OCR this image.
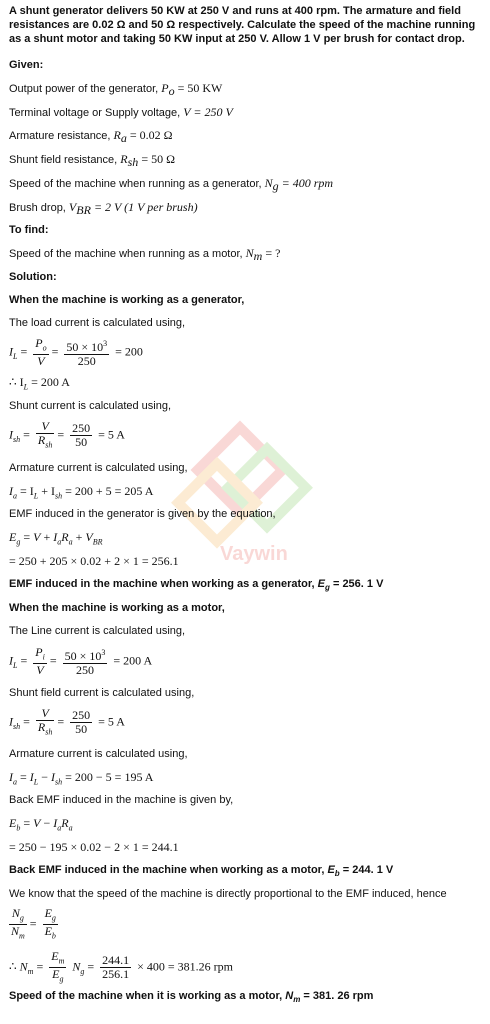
Vaywin
A shunt generator delivers 50 KW at 250 V and runs at 400 rpm. The armature and field resistances are 0.02 Ω and 50 Ω respectively. Calculate the speed of the machine running as a shunt motor and taking 50 KW input at 250 V. Allow 1 V per brush for contact drop.
Given:
Output power of the generator, $P_o = 50$ KW
Terminal voltage or Supply voltage, V = 250 V
Armature resistance, $R_a = 0.02$ Ω
Shunt field resistance, $R_{sh} = 50$ Ω
Speed of the machine when running as a generator, $N_g = 400$ rpm
Brush drop, $V_{BR} = 2$ V (1 V per brush)
To find:
Speed of the machine when running as a motor, $N_m$ = ?
Solution:
When the machine is working as a generator,
The load current is calculated using,
$I_L = \frac{P_o}{V} = \frac{50 \times 10^3}{250} = 200$
∴ $I_L = 200$ A
Shunt current is calculated using,
$I_{sh} = \frac{V}{R_{sh}} = \frac{250}{50} = 5$ A
Armature current is calculated using,
$I_a = I_L + I_{sh} = 200 + 5 = 205$ A
EMF induced in the generator is given by the equation,
$E_g = V + I_aR_a + V_{BR}$
= 250 + 205 × 0.02 + 2 × 1 = 256.1
EMF induced in the machine when working as a generator, $E_g = 256$. 1 V
When the machine is working as a motor,
The Line current is calculated using,
$I_L = \frac{P_i}{V} = \frac{50 \times 10^3}{250} = 200$ A
Shunt field current is calculated using,
$I_{sh} = \frac{V}{R_{sh}} = \frac{250}{50} = 5$ A
Armature current is calculated using,
$I_a = I_L - I_{sh} = 200 - 5 = 195$ A
Back EMF induced in the machine is given by,
$E_b = V - I_aR_a$
= 250 − 195 × 0.02 − 2 × 1 = 244.1
Back EMF induced in the machine when working as a motor, $E_b = 244$. 1 V
We know that the speed of the machine is directly proportional to the EMF induced, hence
$\frac{N_g}{N_m} = \frac{E_g}{E_b}$
∴ $N_m = \frac{E_m}{E_g} N_g = \frac{244.1}{256.1} \times 400 = 381.26$ rpm
Speed of the machine when it is working as a motor, $N_m = 381$. 26 rpm
